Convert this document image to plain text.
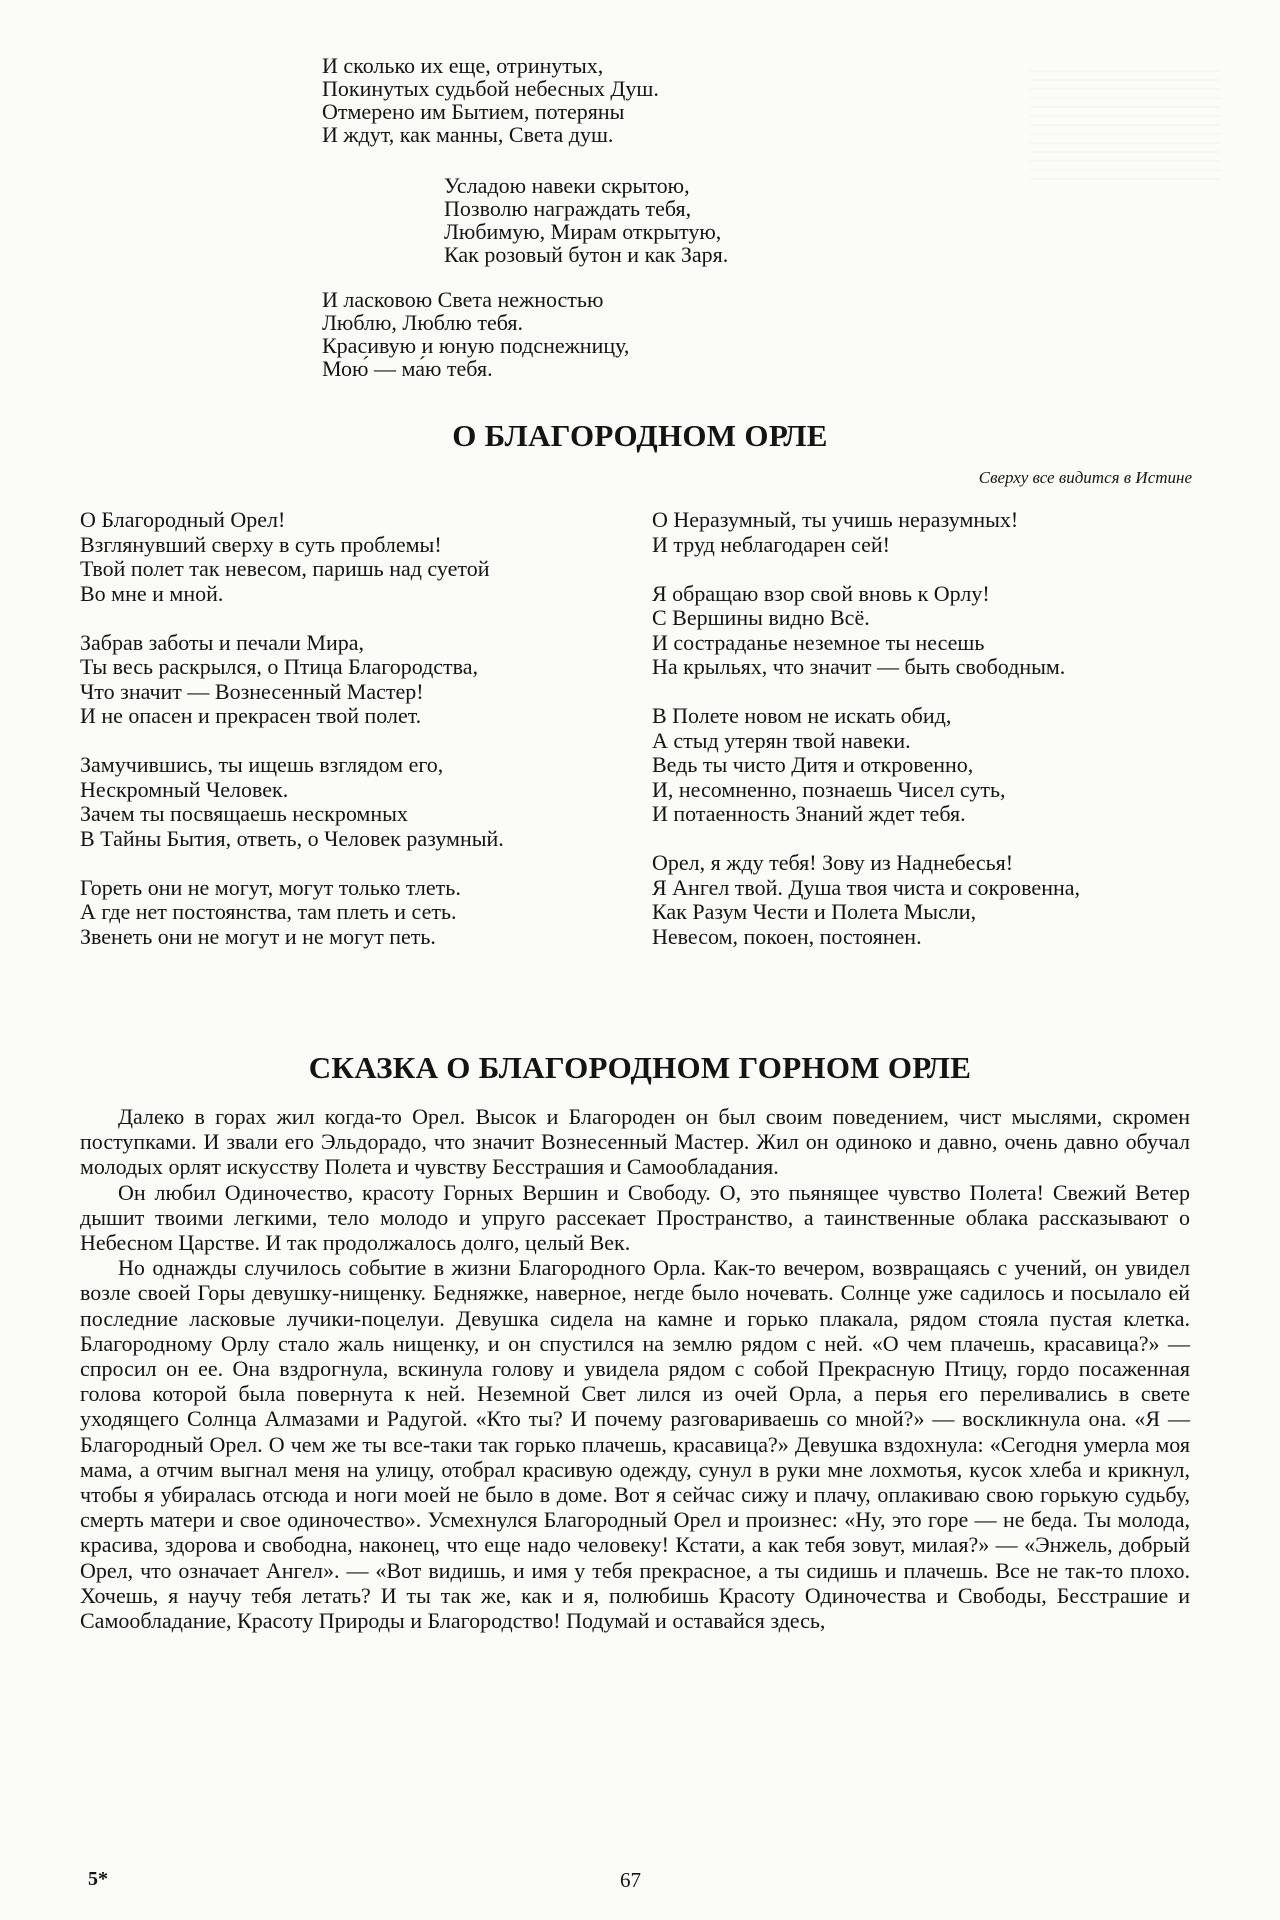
И сколько их еще, отринутых,
Покинутых судьбой небесных Душ.
Отмерено им Бытием, потеряны
И ждут, как манны, Света душ.
Усладою навеки скрытою,
Позволю награждать тебя,
Любимую, Мирам открытую,
Как розовый бутон и как Заря.
И ласковою Света нежностью
Люблю, Люблю тебя.
Красивую и юную подснежницу,
Мою́ — ма́ю тебя.
О БЛАГОРОДНОМ ОРЛЕ
Сверху все видится в Истине
О Благородный Орел!
Взглянувший сверху в суть проблемы!
Твой полет так невесом, паришь над суетой
Во мне и мной.
Забрав заботы и печали Мира,
Ты весь раскрылся, о Птица Благородства,
Что значит — Вознесенный Мастер!
И не опасен и прекрасен твой полет.
Замучившись, ты ищешь взглядом его,
Нескромный Человек.
Зачем ты посвящаешь нескромных
В Тайны Бытия, ответь, о Человек разумный.
Гореть они не могут, могут только тлеть.
А где нет постоянства, там плеть и сеть.
Звенеть они не могут и не могут петь.
О Неразумный, ты учишь неразумных!
И труд неблагодарен сей!
Я обращаю взор свой вновь к Орлу!
С Вершины видно Всё.
И состраданье неземное ты несешь
На крыльях, что значит — быть свободным.
В Полете новом не искать обид,
А стыд утерян твой навеки.
Ведь ты чисто Дитя и откровенно,
И, несомненно, познаешь Чисел суть,
И потаенность Знаний ждет тебя.
Орел, я жду тебя! Зову из Наднебесья!
Я Ангел твой. Душа твоя чиста и сокровенна,
Как Разум Чести и Полета Мысли,
Невесом, покоен, постоянен.
СКАЗКА О БЛАГОРОДНОМ ГОРНОМ ОРЛЕ

Далеко в горах жил когда-то Орел. Высок и Благороден он был своим поведением, чист мыслями, скромен поступками. И звали его Эльдорадо, что значит Вознесенный Мастер. Жил он одиноко и давно, очень давно обучал молодых орлят искусству Полета и чувству Бесстрашия и Самообладания.

Он любил Одиночество, красоту Горных Вершин и Свободу. О, это пьянящее чувство Полета! Свежий Ветер дышит твоими легкими, тело молодо и упруго рассекает Пространство, а таинственные облака рассказывают о Небесном Царстве. И так продолжалось долго, целый Век.

Но однажды случилось событие в жизни Благородного Орла. Как-то вечером, возвращаясь с учений, он увидел возле своей Горы девушку-нищенку. Бедняжке, наверное, негде было ночевать. Солнце уже садилось и посылало ей последние ласковые лучики-поцелуи. Девушка сидела на камне и горько плакала, рядом стояла пустая клетка. Благородному Орлу стало жаль нищенку, и он спустился на землю рядом с ней. «О чем плачешь, красавица?» — спросил он ее. Она вздрогнула, вскинула голову и увидела рядом с собой Прекрасную Птицу, гордо посаженная голова которой была повернута к ней. Неземной Свет лился из очей Орла, а перья его переливались в свете уходящего Солнца Алмазами и Радугой. «Кто ты? И почему разговариваешь со мной?» — воскликнула она. «Я — Благородный Орел. О чем же ты все-таки так горько плачешь, красавица?» Девушка вздохнула: «Сегодня умерла моя мама, а отчим выгнал меня на улицу, отобрал красивую одежду, сунул в руки мне лохмотья, кусок хлеба и крикнул, чтобы я убиралась отсюда и ноги моей не было в доме. Вот я сейчас сижу и плачу, оплакиваю свою горькую судьбу, смерть матери и свое одиночество». Усмехнулся Благородный Орел и произнес: «Ну, это горе — не беда. Ты молода, красива, здорова и свободна, наконец, что еще надо человеку! Кстати, а как тебя зовут, милая?» — «Энжель, добрый Орел, что означает Ангел». — «Вот видишь, и имя у тебя прекрасное, а ты сидишь и плачешь. Все не так-то плохо. Хочешь, я научу тебя летать? И ты так же, как и я, полюбишь Красоту Одиночества и Свободы, Бесстрашие и Самообладание, Красоту Природы и Благородство! Подумай и оставайся здесь,

5*	67
